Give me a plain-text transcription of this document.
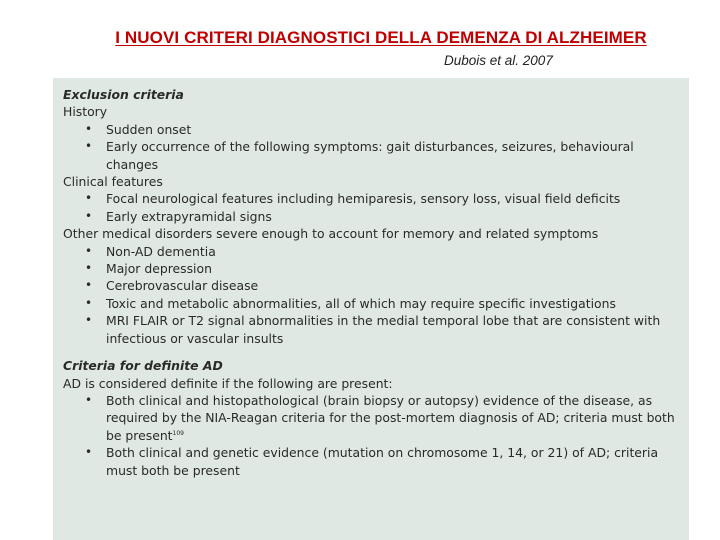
I NUOVI CRITERI DIAGNOSTICI DELLA DEMENZA DI ALZHEIMER
Dubois et al. 2007
Exclusion criteria
History
• Sudden onset
• Early occurrence of the following symptoms: gait disturbances, seizures, behavioural changes
Clinical features
• Focal neurological features including hemiparesis, sensory loss, visual field deficits
• Early extrapyramidal signs
Other medical disorders severe enough to account for memory and related symptoms
• Non-AD dementia
• Major depression
• Cerebrovascular disease
• Toxic and metabolic abnormalities, all of which may require specific investigations
• MRI FLAIR or T2 signal abnormalities in the medial temporal lobe that are consistent with infectious or vascular insults
Criteria for definite AD
AD is considered definite if the following are present:
• Both clinical and histopathological (brain biopsy or autopsy) evidence of the disease, as required by the NIA-Reagan criteria for the post-mortem diagnosis of AD; criteria must both be present$^{109}$
• Both clinical and genetic evidence (mutation on chromosome 1, 14, or 21) of AD; criteria must both be present
